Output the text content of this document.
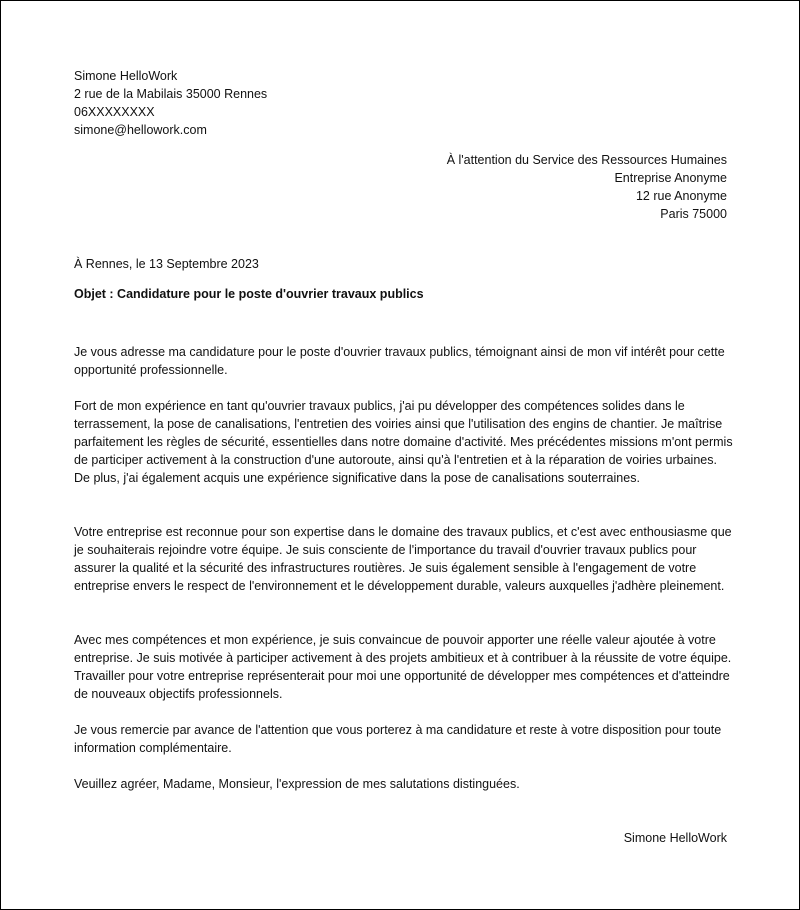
Simone HelloWork
2 rue de la Mabilais 35000 Rennes
06XXXXXXXX
simone@hellowork.com
À l'attention du Service des Ressources Humaines
Entreprise Anonyme
12 rue Anonyme
Paris 75000
À Rennes, le 13 Septembre 2023
Objet : Candidature pour le poste d'ouvrier travaux publics
Je vous adresse ma candidature pour le poste d'ouvrier travaux publics, témoignant ainsi de mon vif intérêt pour cette opportunité professionnelle.
Fort de mon expérience en tant qu'ouvrier travaux publics, j'ai pu développer des compétences solides dans le terrassement, la pose de canalisations, l'entretien des voiries ainsi que l'utilisation des engins de chantier. Je maîtrise parfaitement les règles de sécurité, essentielles dans notre domaine d'activité. Mes précédentes missions m'ont permis de participer activement à la construction d'une autoroute, ainsi qu'à l'entretien et à la réparation de voiries urbaines. De plus, j'ai également acquis une expérience significative dans la pose de canalisations souterraines.
Votre entreprise est reconnue pour son expertise dans le domaine des travaux publics, et c'est avec enthousiasme que je souhaiterais rejoindre votre équipe. Je suis consciente de l'importance du travail d'ouvrier travaux publics pour assurer la qualité et la sécurité des infrastructures routières. Je suis également sensible à l'engagement de votre entreprise envers le respect de l'environnement et le développement durable, valeurs auxquelles j'adhère pleinement.
Avec mes compétences et mon expérience, je suis convaincue de pouvoir apporter une réelle valeur ajoutée à votre entreprise. Je suis motivée à participer activement à des projets ambitieux et à contribuer à la réussite de votre équipe. Travailler pour votre entreprise représenterait pour moi une opportunité de développer mes compétences et d'atteindre de nouveaux objectifs professionnels.
Je vous remercie par avance de l'attention que vous porterez à ma candidature et reste à votre disposition pour toute information complémentaire.
Veuillez agréer, Madame, Monsieur, l'expression de mes salutations distinguées.
Simone HelloWork
